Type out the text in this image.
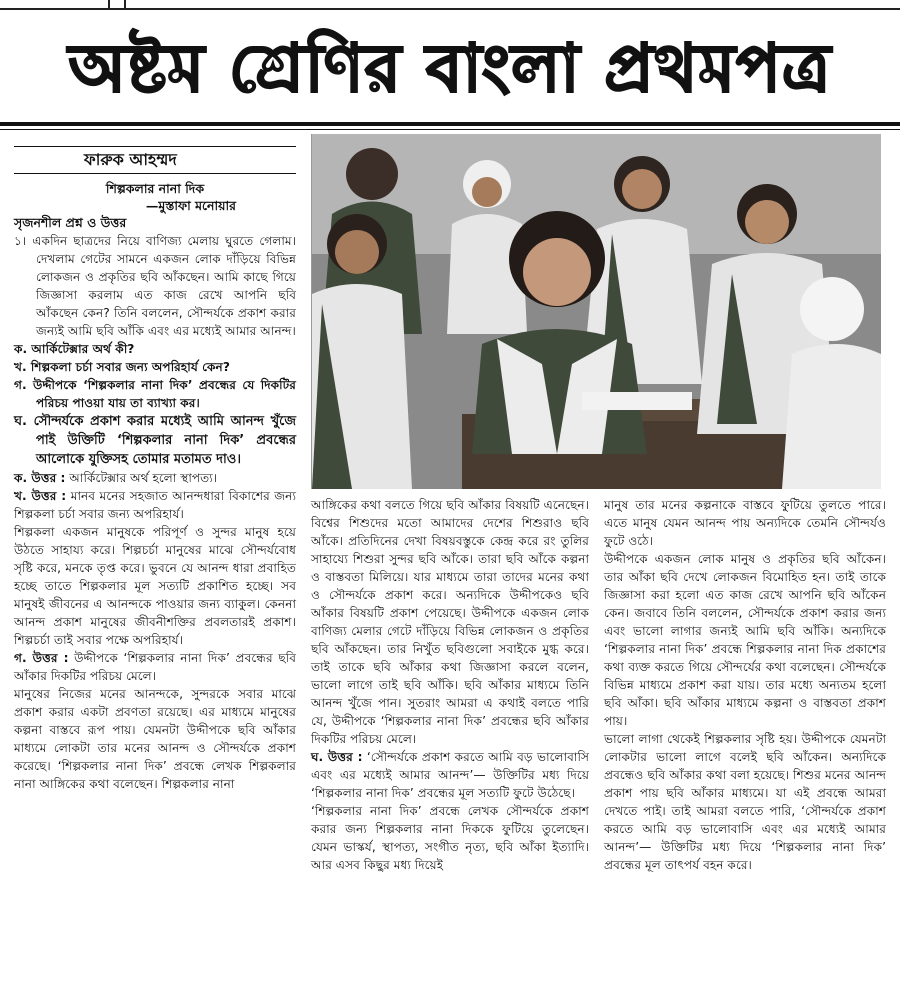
অষ্টম শ্রেণির বাংলা প্রথমপত্র
ফারুক আহম্মদ
শিল্পকলার নানা দিক
—মুস্তাফা মনোয়ার
সৃজনশীল প্রশ্ন ও উত্তর

১। একদিন ছাত্রদের নিয়ে বাণিজ্য মেলায় ঘুরতে গেলাম। দেখলাম গেটের সামনে একজন লোক দাঁড়িয়ে বিভিন্ন লোকজন ও প্রকৃতির ছবি আঁকছেন। আমি কাছে গিয়ে জিজ্ঞাসা করলাম এত কাজ রেখে আপনি ছবি আঁকছেন কেন? তিনি বললেন, সৌন্দর্যকে প্রকাশ করার জন্যই আমি ছবি আঁকি এবং এর মধ্যেই আমার আনন্দ।

ক. আর্কিটেক্সার অর্থ কী?

খ. শিল্পকলা চর্চা সবার জন্য অপরিহার্য কেন?

গ. উদ্দীপকে ‘শিল্পকলার নানা দিক’ প্রবন্ধের যে দিকটির পরিচয় পাওয়া যায় তা ব্যাখ্যা কর।

ঘ. সৌন্দর্যকে প্রকাশ করার মধ্যেই আমি আনন্দ খুঁজে পাই উক্তিটি ‘শিল্পকলার নানা দিক’ প্রবন্ধের আলোকে যুক্তিসহ তোমার মতামত দাও।

ক. উত্তর : আর্কিটেক্সার অর্থ হলো স্থাপত্য।

খ. উত্তর : মানব মনের সহজাত আনন্দধারা বিকাশের জন্য শিল্পকলা চর্চা সবার জন্য অপরিহার্য।

শিল্পকলা একজন মানুষকে পরিপূর্ণ ও সুন্দর মানুষ হয়ে উঠতে সাহায্য করে। শিল্পচর্চা মানুষের মাঝে সৌন্দর্যবোধ সৃষ্টি করে, মনকে তৃপ্ত করে। ভুবনে যে আনন্দ ধারা প্রবাহিত হচ্ছে তাতে শিল্পকলার মূল সত্যটি প্রকাশিত হচ্ছে। সব মানুষই জীবনের এ আনন্দকে পাওয়ার জন্য ব্যাকুল। কেননা আনন্দ প্রকাশ মানুষের জীবনীশক্তির প্রবলতারই প্রকাশ। শিল্পচর্চা তাই সবার পক্ষে অপরিহার্য।

গ. উত্তর : উদ্দীপকে ‘শিল্পকলার নানা দিক’ প্রবন্ধের ছবি আঁকার দিকটির পরিচয় মেলে।

মানুষের নিজের মনের আনন্দকে, সুন্দরকে সবার মাঝে প্রকাশ করার একটা প্রবণতা রয়েছে। এর মাধ্যমে মানুষের কল্পনা বাস্তবে রূপ পায়। যেমনটা উদ্দীপকে ছবি আঁকার মাধ্যমে লোকটা তার মনের আনন্দ ও সৌন্দর্যকে প্রকাশ করেছে। ‘শিল্পকলার নানা দিক’ প্রবন্ধে লেখক শিল্পকলার নানা আঙ্গিকের কথা বলেছেন। শিল্পকলার নানা

আঙ্গিকের কথা বলতে গিয়ে ছবি আঁকার বিষয়টি এনেছেন। বিশ্বের শিশুদের মতো আমাদের দেশের শিশুরাও ছবি আঁকে। প্রতিদিনের দেখা বিষয়বস্তুকে কেন্দ্র করে রং তুলির সাহায্যে শিশুরা সুন্দর ছবি আঁকে। তারা ছবি আঁকে কল্পনা ও বাস্তবতা মিলিয়ে। যার মাধ্যমে তারা তাদের মনের কথা ও সৌন্দর্যকে প্রকাশ করে। অন্যদিকে উদ্দীপকেও ছবি আঁকার বিষয়টি প্রকাশ পেয়েছে। উদ্দীপকে একজন লোক বাণিজ্য মেলার গেটে দাঁড়িয়ে বিভিন্ন লোকজন ও প্রকৃতির ছবি আঁকছেন। তার নিখুঁত ছবিগুলো সবাইকে মুগ্ধ করে। তাই তাকে ছবি আঁকার কথা জিজ্ঞাসা করলে বলেন, ভালো লাগে তাই ছবি আঁকি। ছবি আঁকার মাধ্যমে তিনি আনন্দ খুঁজে পান। সুতরাং আমরা এ কথাই বলতে পারি যে, উদ্দীপকে ‘শিল্পকলার নানা দিক’ প্রবন্ধের ছবি আঁকার দিকটির পরিচয় মেলে।

ঘ. উত্তর : ‘সৌন্দর্যকে প্রকাশ করতে আমি বড় ভালোবাসি এবং এর মধ্যেই আমার আনন্দ’— উক্তিটির মধ্য দিয়ে ‘শিল্পকলার নানা দিক’ প্রবন্ধের মূল সত্যটি ফুটে উঠেছে।

‘শিল্পকলার নানা দিক’ প্রবন্ধে লেখক সৌন্দর্যকে প্রকাশ করার জন্য শিল্পকলার নানা দিককে ফুটিয়ে তুলেছেন। যেমন ভাস্কর্য, স্থাপত্য, সংগীত নৃত্য, ছবি আঁকা ইত্যাদি। আর এসব কিছুর মধ্য দিয়েই

মানুষ তার মনের কল্পনাকে বাস্তবে ফুটিয়ে তুলতে পারে। এতে মানুষ যেমন আনন্দ পায় অন্যদিকে তেমনি সৌন্দর্যও ফুটে ওঠে।

উদ্দীপকে একজন লোক মানুষ ও প্রকৃতির ছবি আঁকেন। তার আঁকা ছবি দেখে লোকজন বিমোহিত হন। তাই তাকে জিজ্ঞাসা করা হলো এত কাজ রেখে আপনি ছবি আঁকেন কেন। জবাবে তিনি বললেন, সৌন্দর্যকে প্রকাশ করার জন্য এবং ভালো লাগার জন্যই আমি ছবি আঁকি। অন্যদিকে ‘শিল্পকলার নানা দিক’ প্রবন্ধে শিল্পকলার নানা দিক প্রকাশের কথা ব্যক্ত করতে গিয়ে সৌন্দর্যের কথা বলেছেন। সৌন্দর্যকে বিভিন্ন মাধ্যমে প্রকাশ করা যায়। তার মধ্যে অন্যতম হলো ছবি আঁকা। ছবি আঁকার মাধ্যমে কল্পনা ও বাস্তবতা প্রকাশ পায়।

ভালো লাগা থেকেই শিল্পকলার সৃষ্টি হয়। উদ্দীপকে যেমনটা লোকটার ভালো লাগে বলেই ছবি আঁকেন। অন্যদিকে প্রবন্ধেও ছবি আঁকার কথা বলা হয়েছে। শিশুর মনের আনন্দ প্রকাশ পায় ছবি আঁকার মাধ্যমে। যা এই প্রবন্ধে আমরা দেখতে পাই। তাই আমরা বলতে পারি, ‘সৌন্দর্যকে প্রকাশ করতে আমি বড় ভালোবাসি এবং এর মধ্যেই আমার আনন্দ’— উক্তিটির মধ্য দিয়ে ‘শিল্পকলার নানা দিক’ প্রবন্ধের মূল তাৎপর্য বহন করে।
